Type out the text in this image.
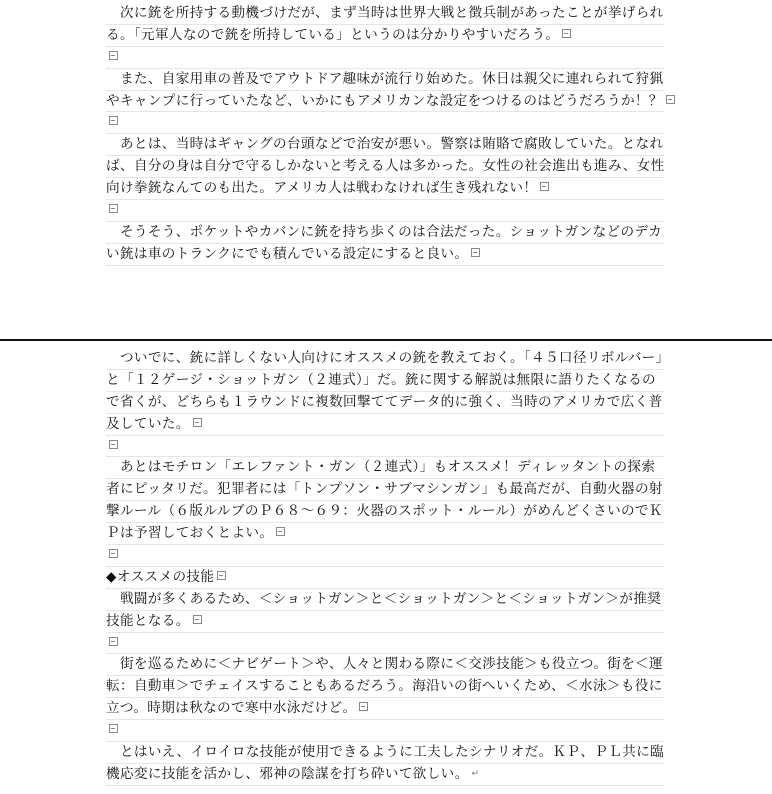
　次に銃を所持する動機づけだが、まず当時は世界大戦と徴兵制があったことが挙げられ
る。「元軍人なので銃を所持している」というのは分かりやすいだろう。
　また、自家用車の普及でアウトドア趣味が流行り始めた。休日は親父に連れられて狩猟
やキャンプに行っていたなど、いかにもアメリカンな設定をつけるのはどうだろうか！？
　あとは、当時はギャングの台頭などで治安が悪い。警察は賄賂で腐敗していた。となれ
ば、自分の身は自分で守るしかないと考える人は多かった。女性の社会進出も進み、女性
向け拳銃なんてのも出た。アメリカ人は戦わなければ生き残れない！
　そうそう、ポケットやカバンに銃を持ち歩くのは合法だった。ショットガンなどのデカ
い銃は車のトランクにでも積んでいる設定にすると良い。
　ついでに、銃に詳しくない人向けにオススメの銃を教えておく。「４５口径リボルバー」
と「１２ゲージ・ショットガン（２連式）」だ。銃に関する解説は無限に語りたくなるの
で省くが、どちらも１ラウンドに複数回撃ててデータ的に強く、当時のアメリカで広く普
及していた。
　あとはモチロン「エレファント・ガン（２連式）」もオススメ！ディレッタントの探索
者にピッタリだ。犯罪者には「トンプソン・サブマシンガン」も最高だが、自動火器の射
撃ルール（６版ルルブのＰ６８～６９：火器のスポット・ルール）がめんどくさいのでＫ
Ｐは予習しておくとよい。
◆オススメの技能
　戦闘が多くあるため、＜ショットガン＞と＜ショットガン＞と＜ショットガン＞が推奨
技能となる。
　街を巡るために＜ナビゲート＞や、人々と関わる際に＜交渉技能＞も役立つ。街を＜運
転：自動車＞でチェイスすることもあるだろう。海沿いの街へいくため、＜水泳＞も役に
立つ。時期は秋なので寒中水泳だけど。
　とはいえ、イロイロな技能が使用できるように工夫したシナリオだ。ＫＰ、ＰＬ共に臨
機応変に技能を活かし、邪神の陰謀を打ち砕いて欲しい。↵
